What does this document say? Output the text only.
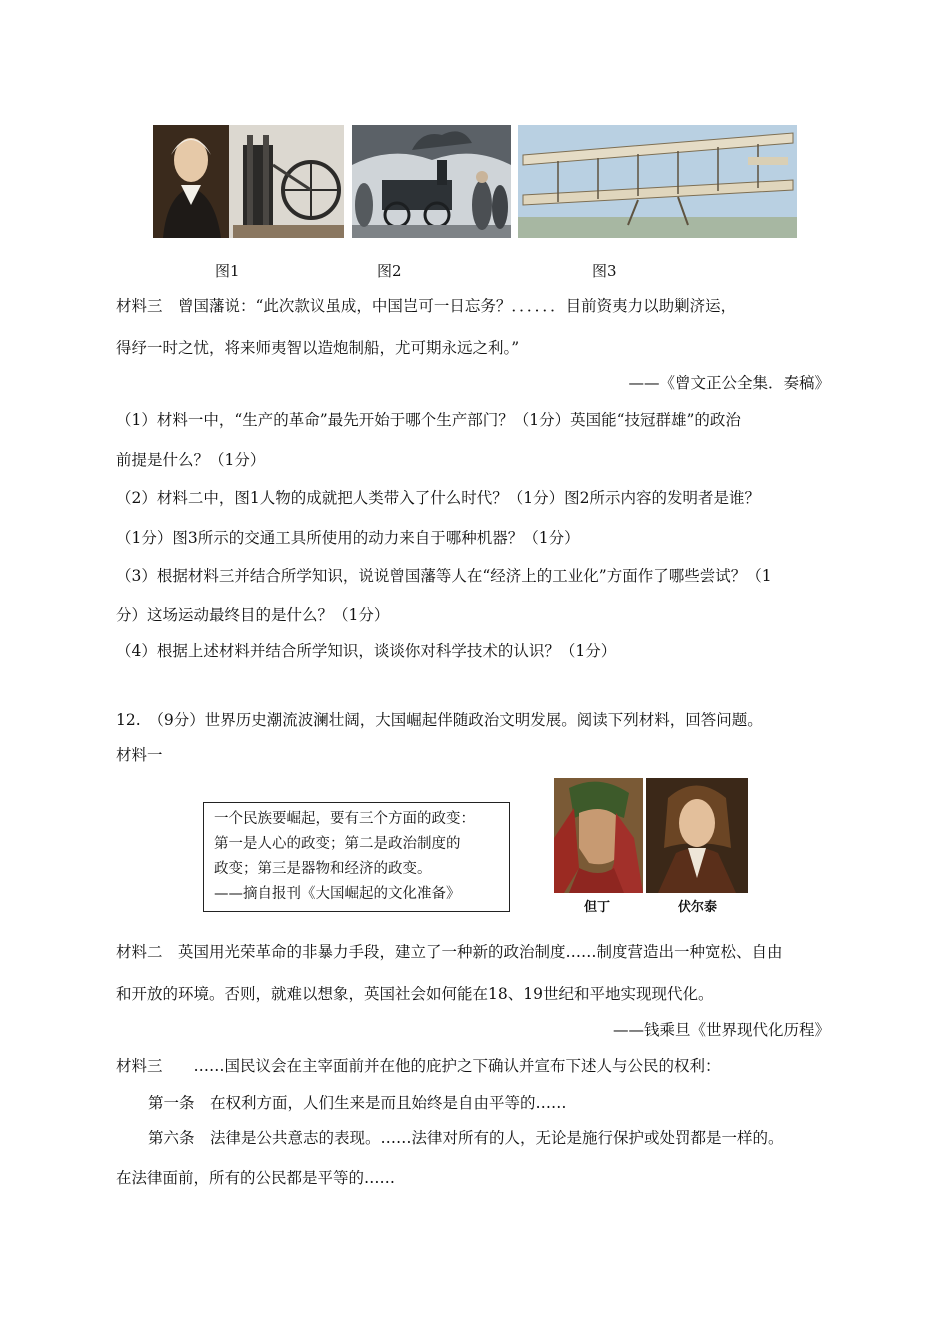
图1	图2	图3
材料三　曾国藩说：“此次款议虽成，中国岂可一日忘务？．．．．．．目前资夷力以助剿济运，
得纾一时之忧，将来师夷智以造炮制船，尤可期永远之利。”
——《曾文正公全集．奏稿》
（1）材料一中，“生产的革命”最先开始于哪个生产部门？（1分）英国能“技冠群雄”的政治
前提是什么？（1分）
（2）材料二中，图1人物的成就把人类带入了什么时代？（1分）图2所示内容的发明者是谁？
（1分）图3所示的交通工具所使用的动力来自于哪种机器？（1分）
（3）根据材料三并结合所学知识，说说曾国藩等人在“经济上的工业化”方面作了哪些尝试？（1
分）这场运动最终目的是什么？（1分）
（4）根据上述材料并结合所学知识，谈谈你对科学技术的认识？（1分）
12.　（9分）世界历史潮流波澜壮阔，大国崛起伴随政治文明发展。阅读下列材料，回答问题。
材料一
一个民族要崛起，要有三个方面的政变：
第一是人心的政变；第二是政治制度的
政变；第三是器物和经济的政变。
——摘自报刊《大国崛起的文化准备》
但丁	伏尔泰
材料二　英国用光荣革命的非暴力手段，建立了一种新的政治制度……制度营造出一种宽松、自由
和开放的环境。否则，就难以想象，英国社会如何能在18、19世纪和平地实现现代化。
——钱乘旦《世界现代化历程》
材料三　　……国民议会在主宰面前并在他的庇护之下确认并宣布下述人与公民的权利：
第一条　在权利方面，人们生来是而且始终是自由平等的……
第六条　法律是公共意志的表现。……法律对所有的人，无论是施行保护或处罚都是一样的。
在法律面前，所有的公民都是平等的……
